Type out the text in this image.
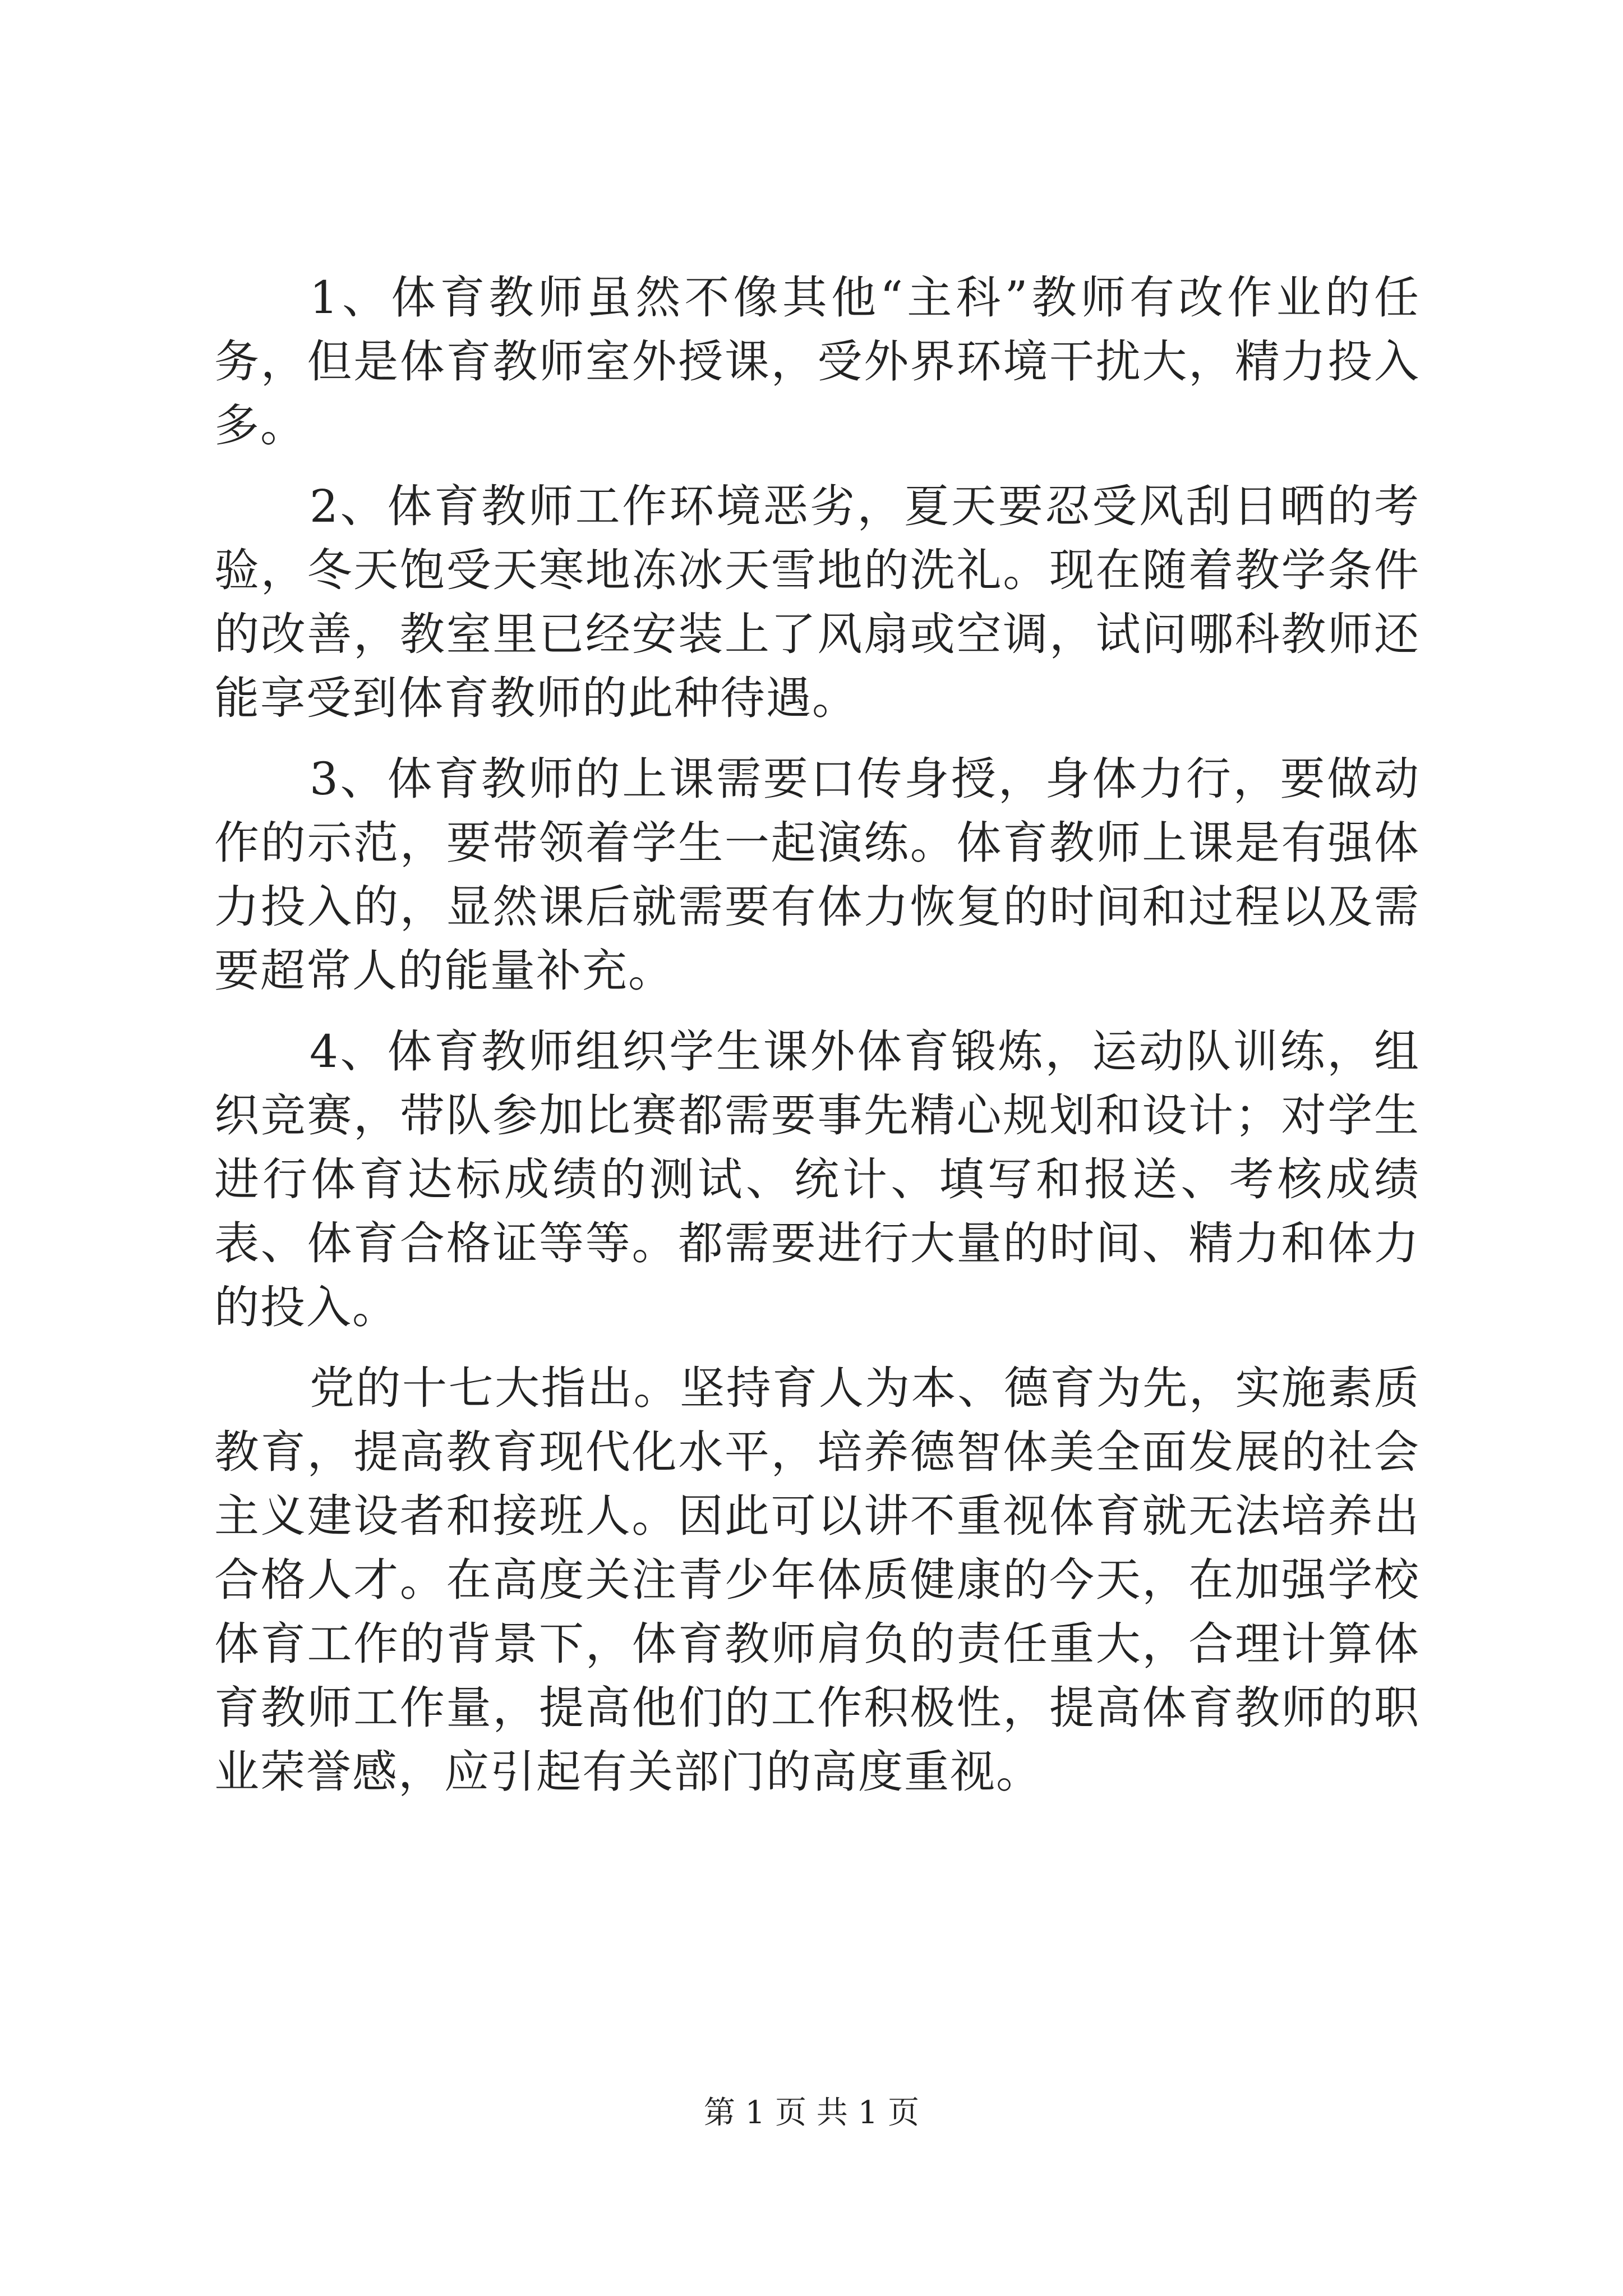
1、体育教师虽然不像其他“主科”教师有改作业的任务，但是体育教师室外授课，受外界环境干扰大，精力投入多。

2、体育教师工作环境恶劣，夏天要忍受风刮日晒的考验，冬天饱受天寒地冻冰天雪地的洗礼。现在随着教学条件的改善，教室里已经安装上了风扇或空调，试问哪科教师还能享受到体育教师的此种待遇。

3、体育教师的上课需要口传身授，身体力行，要做动作的示范，要带领着学生一起演练。体育教师上课是有强体力投入的，显然课后就需要有体力恢复的时间和过程以及需要超常人的能量补充。

4、体育教师组织学生课外体育锻炼，运动队训练，组织竞赛，带队参加比赛都需要事先精心规划和设计；对学生进行体育达标成绩的测试、统计、填写和报送、考核成绩表、体育合格证等等。都需要进行大量的时间、精力和体力的投入。

党的十七大指出。坚持育人为本、德育为先，实施素质教育，提高教育现代化水平，培养德智体美全面发展的社会主义建设者和接班人。因此可以讲不重视体育就无法培养出合格人才。在高度关注青少年体质健康的今天，在加强学校体育工作的背景下，体育教师肩负的责任重大，合理计算体育教师工作量，提高他们的工作积极性，提高体育教师的职业荣誉感，应引起有关部门的高度重视。

第 1 页 共 1 页
